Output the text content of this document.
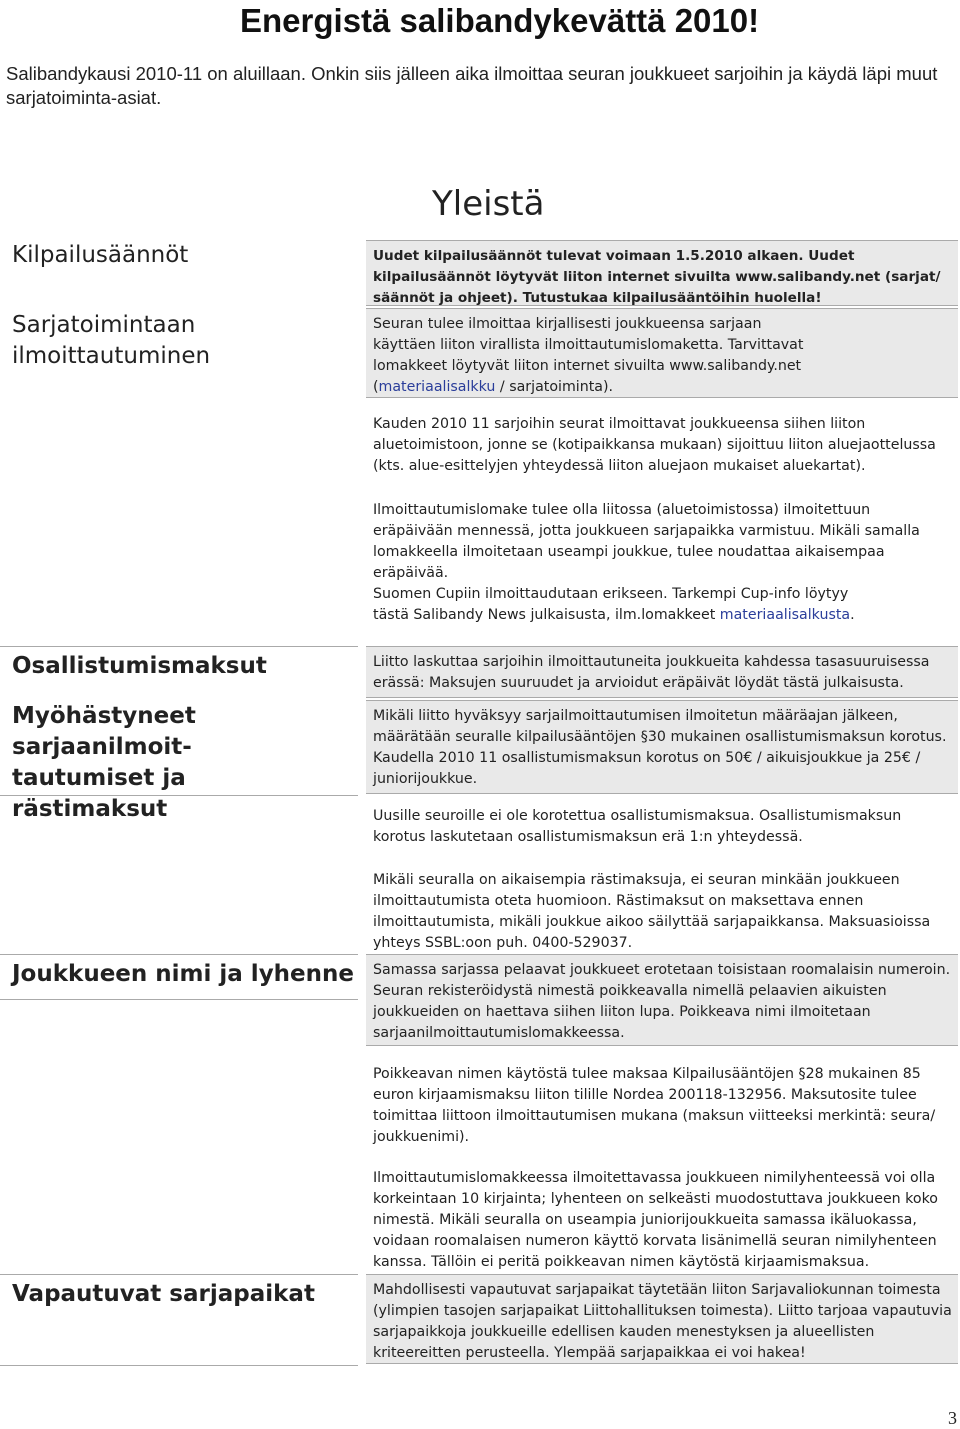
Energistä salibandykevättä 2010!
Salibandykausi 2010-11 on aluillaan. Onkin siis jälleen aika ilmoittaa seuran joukkueet sarjoihin ja käydä läpi muut sarjatoiminta-asiat.
Yleistä
Kilpailusäännöt
Sarjatoimintaan ilmoittautuminen
Uudet kilpailusäännöt tulevat voimaan 1.5.2010 alkaen. Uudet kilpailusäännöt löytyvät liiton internet sivuilta www.salibandy.net (sarjat/ säännöt ja ohjeet). Tutustukaa kilpailusääntöihin huolella!
Seuran tulee ilmoittaa kirjallisesti joukkueensa sarjaan käyttäen liiton virallista ilmoittautumislomaketta. Tarvittavat lomakkeet löytyvät liiton internet sivuilta www.salibandy.net (materiaalisalkku / sarjatoiminta).
Kauden 2010 11 sarjoihin seurat ilmoittavat joukkueensa siihen liiton aluetoimistoon, jonne se (kotipaikkansa mukaan) sijoittuu liiton aluejaottelussa (kts. alue-esittelyjen yhteydessä liiton aluejaon mukaiset aluekartat).
Ilmoittautumislomake tulee olla liitossa (aluetoimistossa) ilmoitettuun eräpäivään mennessä, jotta joukkueen sarjapaikka varmistuu. Mikäli samalla lomakkeella ilmoitetaan useampi joukkue, tulee noudattaa aikaisempaa eräpäivää.
Suomen Cupiin ilmoittaudutaan erikseen. Tarkempi Cup-info löytyy tästä Salibandy News julkaisusta, ilm.lomakkeet materiaalisalkusta.
Osallistumismaksut
Myöhästyneet sarjaanilmoit- tautumiset ja rästimaksut
Liitto laskuttaa sarjoihin ilmoittautuneita joukkueita kahdessa tasasuuruisessa erässä: Maksujen suuruudet ja arvioidut eräpäivät löydät tästä julkaisusta.
Mikäli liitto hyväksyy sarjailmoittautumisen ilmoitetun määräajan jälkeen, määrätään seuralle kilpailusääntöjen §30 mukainen osallistumismaksun korotus. Kaudella 2010 11 osallistumismaksun korotus on 50€ / aikuisjoukkue ja 25€ / juniorijoukkue.
Uusille seuroille ei ole korotettua osallistumismaksua. Osallistumismaksun korotus laskutetaan osallistumismaksun erä 1:n yhteydessä.
Mikäli seuralla on aikaisempia rästimaksuja, ei seuran minkään joukkueen ilmoittautumista oteta huomioon. Rästimaksut on maksettava ennen ilmoittautumista, mikäli joukkue aikoo säilyttää sarjapaikkansa. Maksuasioissa yhteys SSBL:oon puh. 0400-529037.
Joukkueen nimi ja lyhenne	Samassa sarjassa pelaavat joukkueet erotetaan toisistaan roomalaisin numeroin. Seuran rekisteröidystä nimestä poikkeavalla nimellä pelaavien aikuisten joukkueiden on haettava siihen liiton lupa. Poikkeava nimi ilmoitetaan sarjaanilmoittautumislomakkeessa.
Poikkeavan nimen käytöstä tulee maksaa Kilpailusääntöjen §28 mukainen 85 euron kirjaamismaksu liiton tilille Nordea 200118-132956. Maksutosite tulee toimittaa liittoon ilmoittautumisen mukana (maksun viitteeksi merkintä: seura/ joukkuenimi).
Ilmoittautumislomakkeessa ilmoitettavassa joukkueen nimilyhenteessä voi olla korkeintaan 10 kirjainta; lyhenteen on selkeästi muodostuttava joukkueen koko nimestä. Mikäli seuralla on useampia juniorijoukkueita samassa ikäluokassa, voidaan roomalaisen numeron käyttö korvata lisänimellä seuran nimilyhenteen kanssa. Tällöin ei peritä poikkeavan nimen käytöstä kirjaamismaksua.
Vapautuvat sarjapaikat	Mahdollisesti vapautuvat sarjapaikat täytetään liiton Sarjavaliokunnan toimesta (ylimpien tasojen sarjapaikat Liittohallituksen toimesta). Liitto tarjoaa vapautuvia sarjapaikkoja joukkueille edellisen kauden menestyksen ja alueellisten kriteereitten perusteella. Ylempää sarjapaikkaa ei voi hakea!
3
